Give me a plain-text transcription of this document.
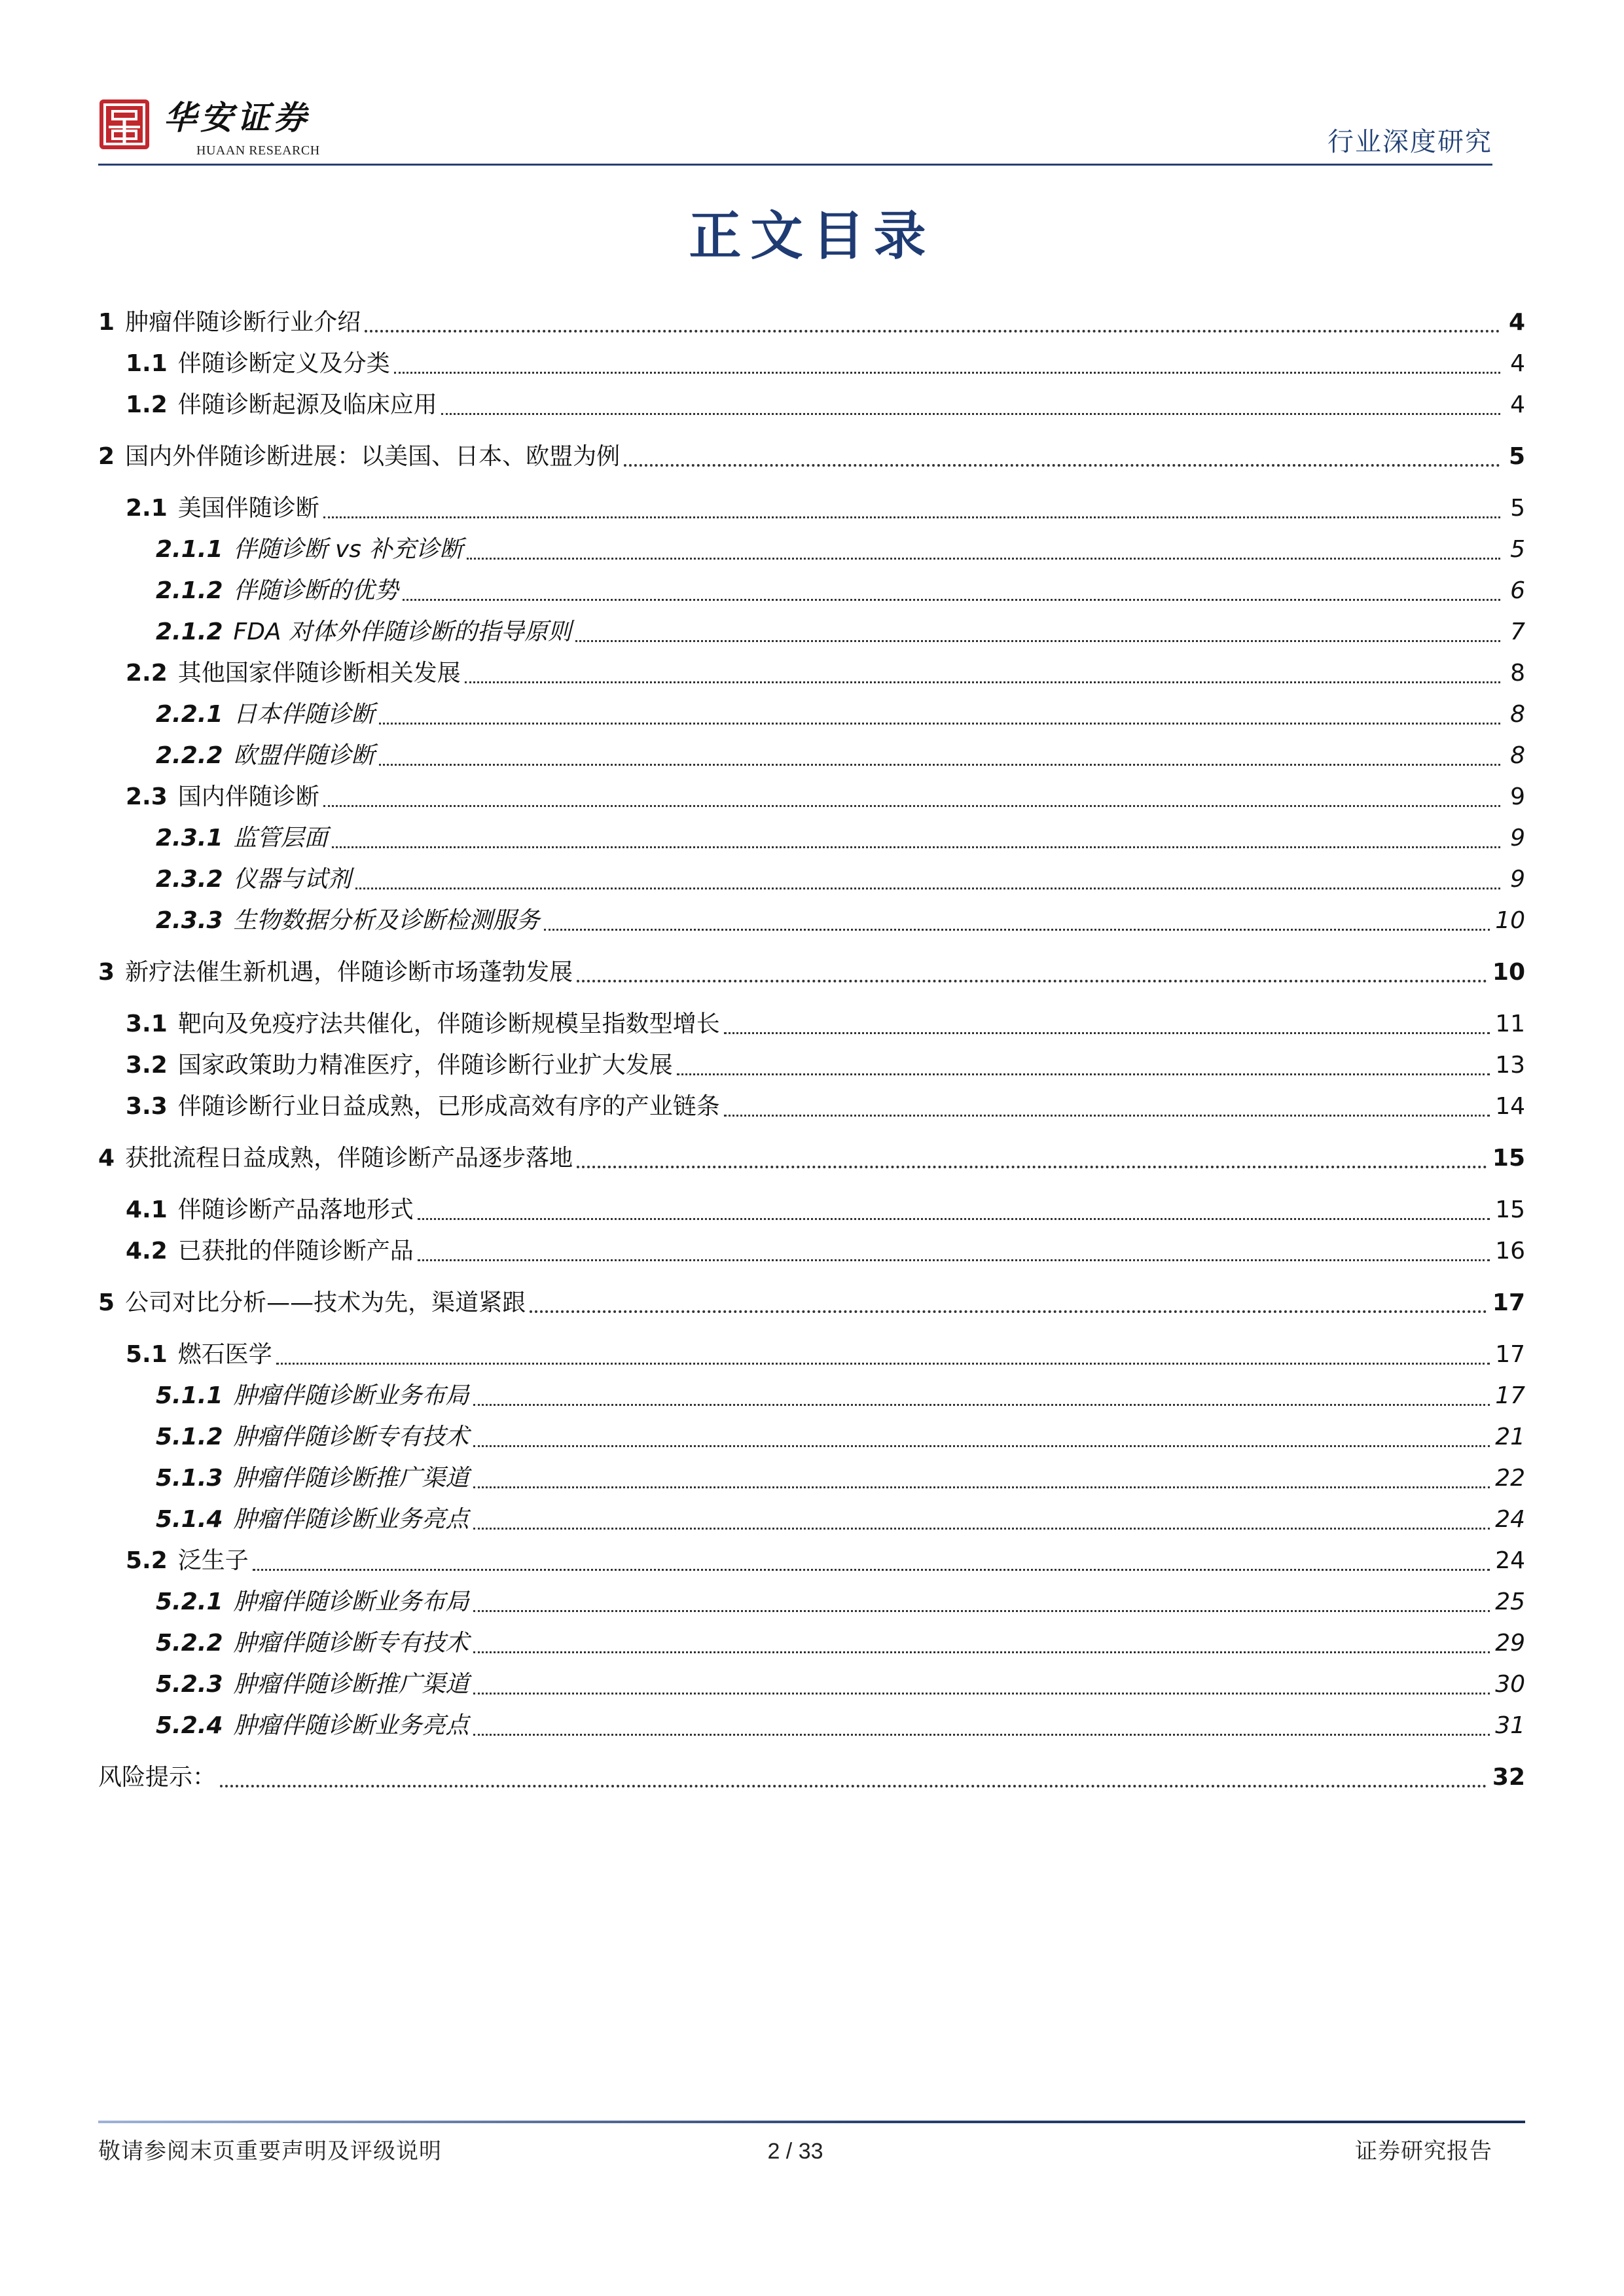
华安证券
HUAAN RESEARCH	行业深度研究
正文目录
1 肿瘤伴随诊断行业介绍	4
1.1 伴随诊断定义及分类	4
1.2 伴随诊断起源及临床应用	4
2 国内外伴随诊断进展：以美国、日本、欧盟为例	5
2.1 美国伴随诊断	5
2.1.1 伴随诊断 vs 补充诊断	5
2.1.2 伴随诊断的优势	6
2.1.2 FDA 对体外伴随诊断的指导原则	7
2.2 其他国家伴随诊断相关发展	8
2.2.1 日本伴随诊断	8
2.2.2 欧盟伴随诊断	8
2.3 国内伴随诊断	9
2.3.1 监管层面	9
2.3.2 仪器与试剂	9
2.3.3 生物数据分析及诊断检测服务	10
3 新疗法催生新机遇，伴随诊断市场蓬勃发展	10
3.1 靶向及免疫疗法共催化，伴随诊断规模呈指数型增长	11
3.2 国家政策助力精准医疗，伴随诊断行业扩大发展	13
3.3 伴随诊断行业日益成熟，已形成高效有序的产业链条	14
4 获批流程日益成熟，伴随诊断产品逐步落地	15
4.1 伴随诊断产品落地形式	15
4.2 已获批的伴随诊断产品	16
5 公司对比分析——技术为先，渠道紧跟	17
5.1 燃石医学	17
5.1.1 肿瘤伴随诊断业务布局	17
5.1.2 肿瘤伴随诊断专有技术	21
5.1.3 肿瘤伴随诊断推广渠道	22
5.1.4 肿瘤伴随诊断业务亮点	24
5.2 泛生子	24
5.2.1 肿瘤伴随诊断业务布局	25
5.2.2 肿瘤伴随诊断专有技术	29
5.2.3 肿瘤伴随诊断推广渠道	30
5.2.4 肿瘤伴随诊断业务亮点	31
风险提示：	32
敬请参阅末页重要声明及评级说明	2 / 33	证券研究报告
